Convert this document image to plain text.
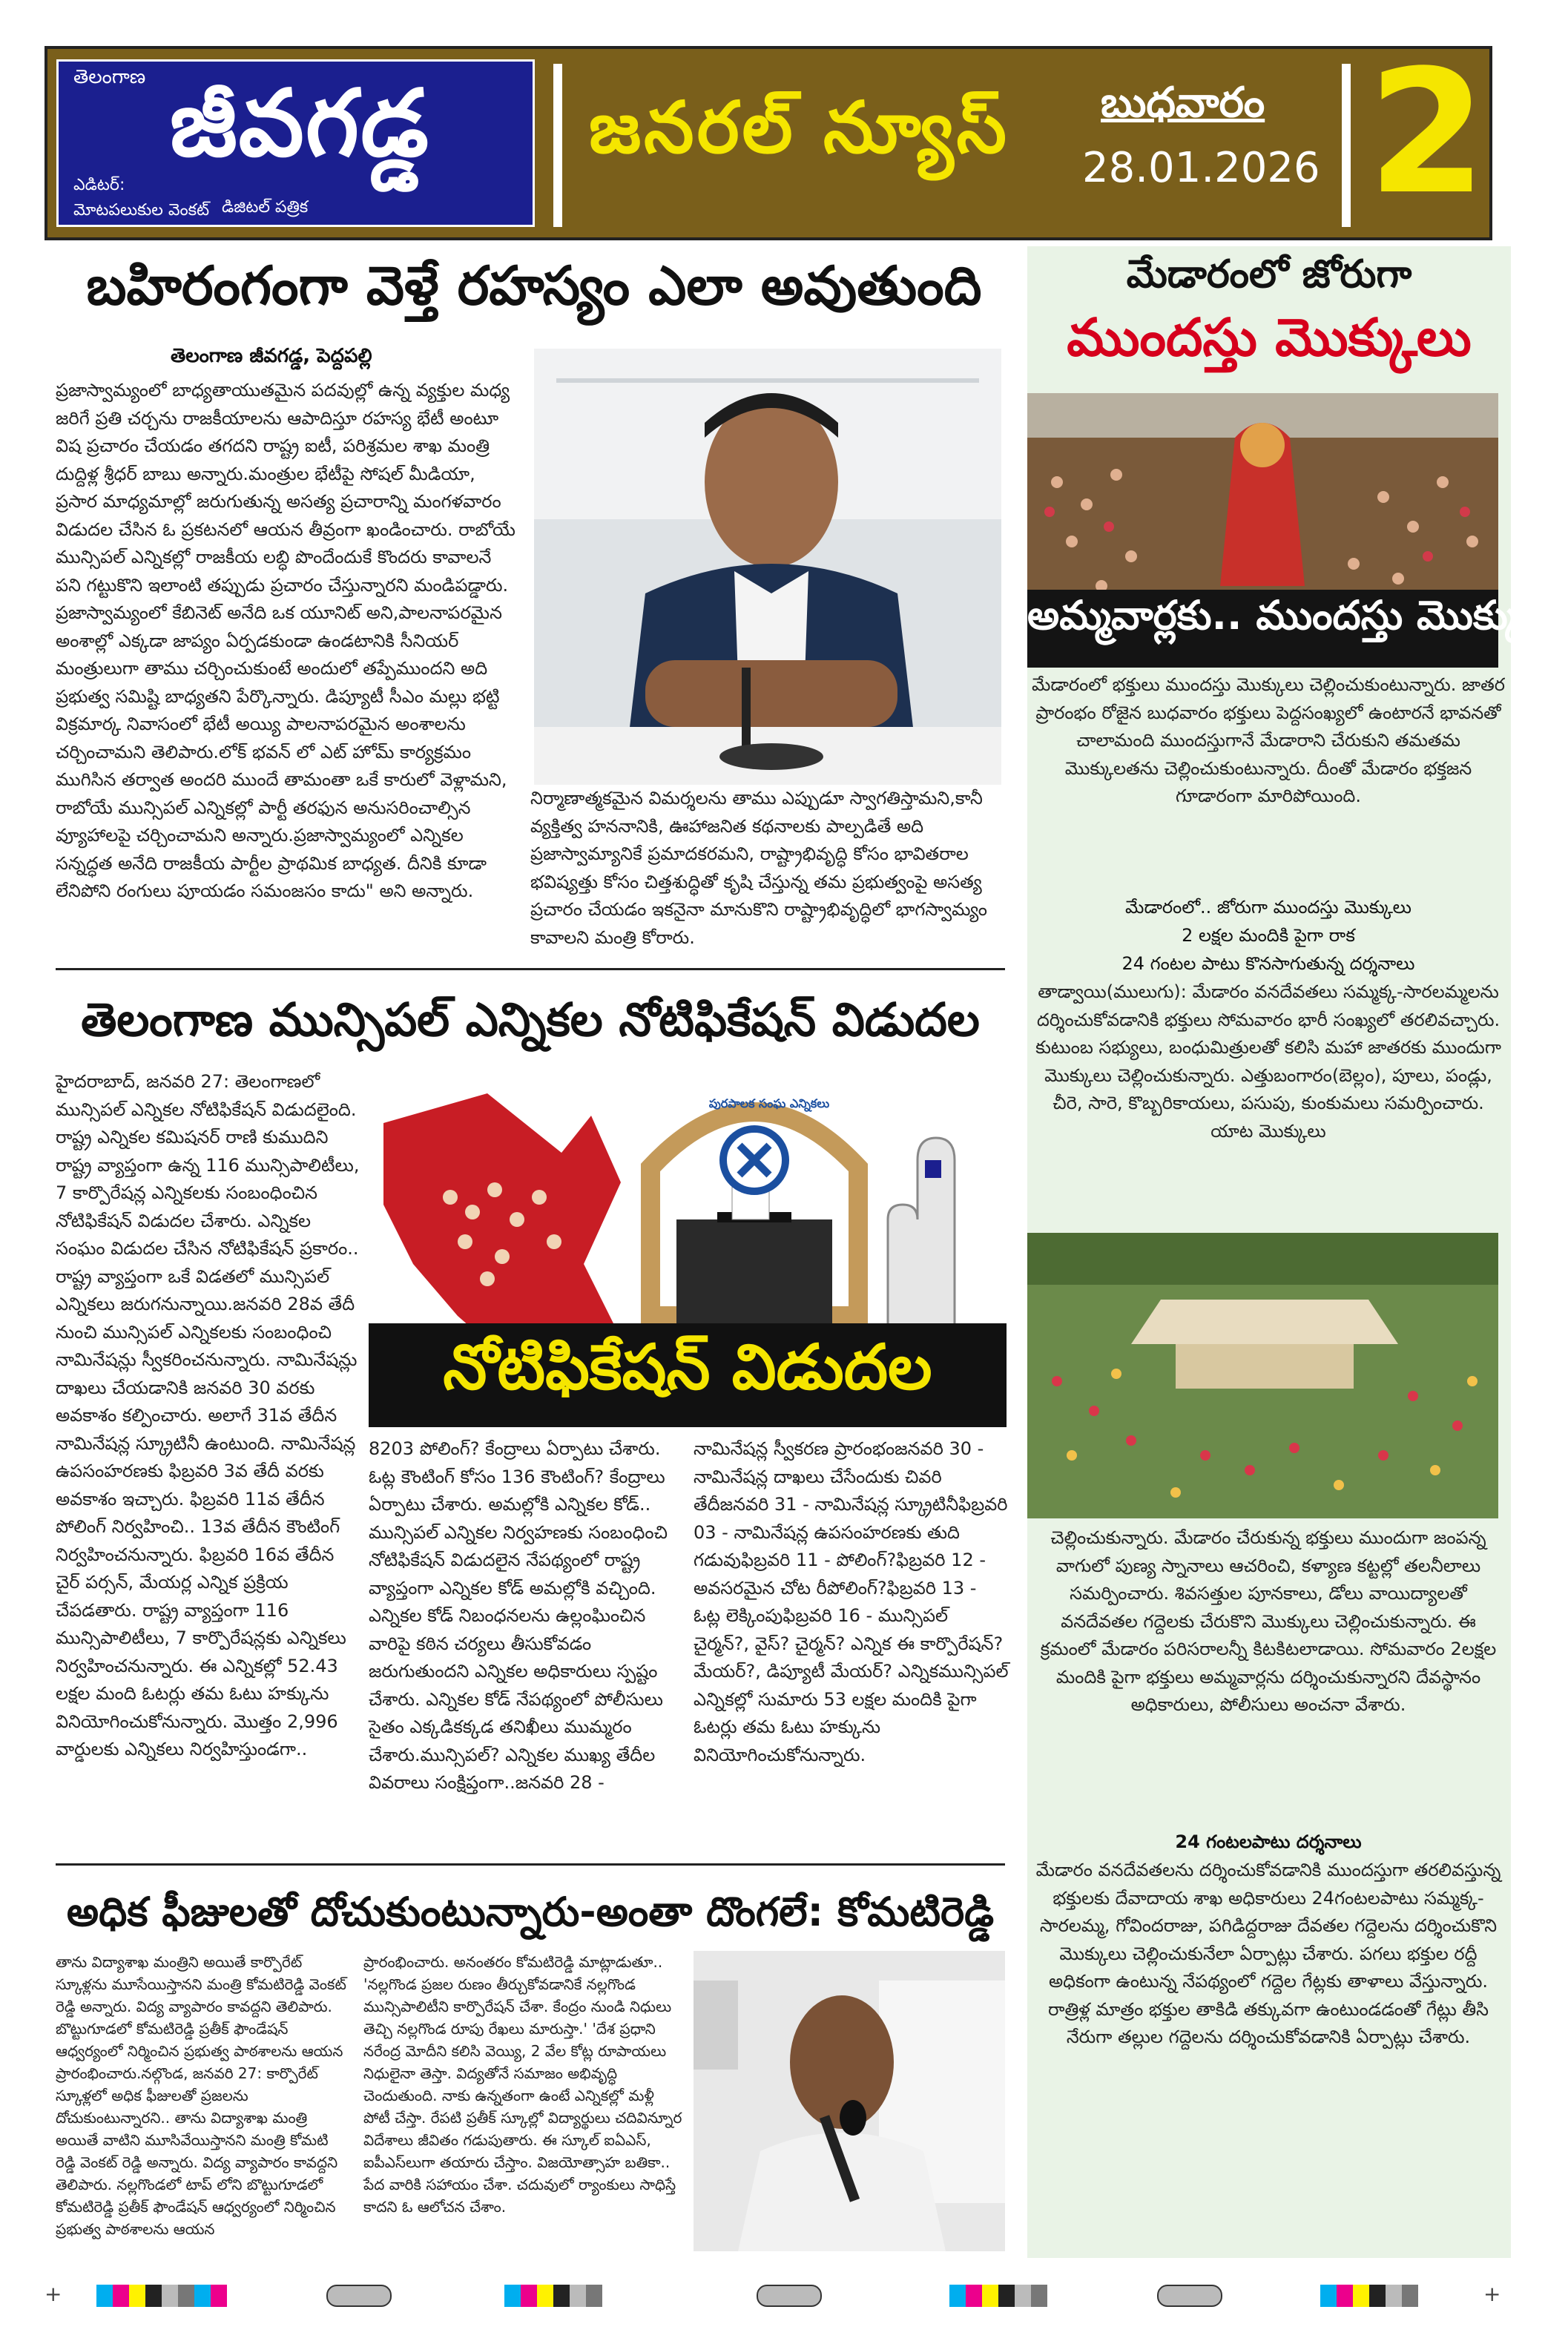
తెలంగాణ జీవగడ్డ
ఎడిటర్:
మోటపలుకుల వెంకట్ డిజిటల్ పత్రిక
జనరల్ న్యూస్ బుధవారం
28.01.2026 2
బహిరంగంగా వెళ్తే రహస్యం ఎలా అవుతుంది
తెలంగాణ జీవగడ్డ, పెద్దపల్లి
ప్రజాస్వామ్యంలో బాధ్యతాయుతమైన పదవుల్లో ఉన్న వ్యక్తుల మధ్య జరిగే ప్రతి చర్చను రాజకీయాలను ఆపాదిస్తూ రహస్య భేటీ అంటూ విష ప్రచారం చేయడం తగదని రాష్ట్ర ఐటీ, పరిశ్రమల శాఖ మంత్రి దుద్దిళ్ల శ్రీధర్ బాబు అన్నారు.మంత్రుల భేటీపై సోషల్ మీడియా, ప్రసార మాధ్యమాల్లో జరుగుతున్న అసత్య ప్రచారాన్ని మంగళవారం విడుదల చేసిన ఓ ప్రకటనలో ఆయన తీవ్రంగా ఖండించారు. రాబోయే మున్సిపల్ ఎన్నికల్లో రాజకీయ లబ్ధి పొందేందుకే కొందరు కావాలనే పని గట్టుకొని ఇలాంటి తప్పుడు ప్రచారం చేస్తున్నారని మండిపడ్డారు. ప్రజాస్వామ్యంలో కేబినెట్ అనేది ఒక యూనిట్ అని,పాలనాపరమైన అంశాల్లో ఎక్కడా జాప్యం ఏర్పడకుండా ఉండటానికి సీనియర్ మంత్రులుగా తాము చర్చించుకుంటే అందులో తప్పేముందని అది ప్రభుత్వ సమిష్టి బాధ్యతని పేర్కొన్నారు. డిప్యూటీ సీఎం మల్లు భట్టి విక్రమార్క నివాసంలో భేటీ అయ్యి పాలనాపరమైన అంశాలను చర్చించామని తెలిపారు.లోక్ భవన్ లో ఎట్ హోమ్ కార్యక్రమం ముగిసిన తర్వాత అందరి ముందే తామంతా ఒకే కారులో వెళ్లామని, రాబోయే మున్సిపల్ ఎన్నికల్లో పార్టీ తరఫున అనుసరించాల్సిన వ్యూహాలపై చర్చించామని అన్నారు.ప్రజాస్వామ్యంలో ఎన్నికల సన్నద్ధత అనేది రాజకీయ పార్టీల ప్రాథమిక బాధ్యత. దీనికి కూడా లేనిపోని రంగులు పూయడం సమంజసం కాదు" అని అన్నారు.
నిర్మాణాత్మకమైన విమర్శలను తాము ఎప్పుడూ స్వాగతిస్తామని,కానీ వ్యక్తిత్వ హననానికి, ఊహాజనిత కథనాలకు పాల్పడితే అది ప్రజాస్వామ్యానికే ప్రమాదకరమని, రాష్ట్రాభివృద్ధి కోసం భావితరాల భవిష్యత్తు కోసం చిత్తశుద్ధితో కృషి చేస్తున్న తమ ప్రభుత్వంపై అసత్య ప్రచారం చేయడం ఇకనైనా మానుకొని రాష్ట్రాభివృద్ధిలో భాగస్వామ్యం కావాలని మంత్రి కోరారు.
తెలంగాణ మున్సిపల్ ఎన్నికల నోటిఫికేషన్ విడుదల
హైదరాబాద్, జనవరి 27: తెలంగాణలో మున్సిపల్ ఎన్నికల నోటిఫికేషన్ విడుదలైంది. రాష్ట్ర ఎన్నికల కమిషనర్ రాణి కుముదిని రాష్ట్ర వ్యాప్తంగా ఉన్న 116 మున్సిపాలిటీలు, 7 కార్పొరేషన్ల ఎన్నికలకు సంబంధించిన నోటిఫికేషన్ విడుదల చేశారు. ఎన్నికల సంఘం విడుదల చేసిన నోటిఫికేషన్ ప్రకారం.. రాష్ట్ర వ్యాప్తంగా ఒకే విడతలో మున్సిపల్ ఎన్నికలు జరుగనున్నాయి.జనవరి 28వ తేదీ నుంచి మున్సిపల్ ఎన్నికలకు సంబంధించి నామినేషన్లు స్వీకరించనున్నారు. నామినేషన్లు దాఖలు చేయడానికి జనవరి 30 వరకు అవకాశం కల్పించారు. అలాగే 31వ తేదీన నామినేషన్ల స్క్రూటినీ ఉంటుంది. నామినేషన్ల ఉపసంహరణకు ఫిబ్రవరి 3వ తేదీ వరకు అవకాశం ఇచ్చారు. ఫిబ్రవరి 11వ తేదీన పోలింగ్ నిర్వహించి.. 13వ తేదీన కౌంటింగ్ నిర్వహించనున్నారు. ఫిబ్రవరి 16వ తేదీన చైర్ పర్సన్, మేయర్ల ఎన్నిక ప్రక్రియ చేపడతారు. రాష్ట్ర వ్యాప్తంగా 116 మున్సిపాలిటీలు, 7 కార్పొరేషన్లకు ఎన్నికలు నిర్వహించనున్నారు. ఈ ఎన్నికల్లో 52.43 లక్షల మంది ఓటర్లు తమ ఓటు హక్కును వినియోగించుకోనున్నారు. మొత్తం 2,996 వార్డులకు ఎన్నికలు నిర్వహిస్తుండగా..
నోటిఫికేషన్ విడుదల
పురపాలక సంఘ ఎన్నికలు
8203 పోలింగ్? కేంద్రాలు ఏర్పాటు చేశారు. ఓట్ల కౌంటింగ్ కోసం 136 కౌంటింగ్? కేంద్రాలు ఏర్పాటు చేశారు. అమల్లోకి ఎన్నికల కోడ్.. మున్సిపల్ ఎన్నికల నిర్వహణకు సంబంధించి నోటిఫికేషన్ విడుదలైన నేపథ్యంలో రాష్ట్ర వ్యాప్తంగా ఎన్నికల కోడ్ అమల్లోకి వచ్చింది. ఎన్నికల కోడ్ నిబంధనలను ఉల్లంఘించిన వారిపై కఠిన చర్యలు తీసుకోవడం జరుగుతుందని ఎన్నికల అధికారులు స్పష్టం చేశారు. ఎన్నికల కోడ్ నేపథ్యంలో పోలీసులు సైతం ఎక్కడికక్కడ తనిఖీలు ముమ్మరం చేశారు.మున్సిపల్? ఎన్నికల ముఖ్య తేదీల వివరాలు సంక్షిప్తంగా..జనవరి 28 -
నామినేషన్ల స్వీకరణ ప్రారంభంజనవరి 30 - నామినేషన్ల దాఖలు చేసేందుకు చివరి తేదీజనవరి 31 - నామినేషన్ల స్క్రూటినీఫిబ్రవరి 03 - నామినేషన్ల ఉపసంహరణకు తుది గడువుఫిబ్రవరి 11 - పోలింగ్?ఫిబ్రవరి 12 - అవసరమైన చోట రీపోలింగ్?ఫిబ్రవరి 13 - ఓట్ల లెక్కింపుఫిబ్రవరి 16 - మున్సిపల్ చైర్మన్?, వైస్? చైర్మన్? ఎన్నిక ఈ కార్పొరేషన్? మేయర్?, డిప్యూటీ మేయర్? ఎన్నికమున్సిపల్ ఎన్నికల్లో సుమారు 53 లక్షల మందికి పైగా ఓటర్లు తమ ఓటు హక్కును వినియోగించుకోనున్నారు.
అధిక ఫీజులతో దోచుకుంటున్నారు-అంతా దొంగలే: కోమటిరెడ్డి
తాను విద్యాశాఖ మంత్రిని అయితే కార్పొరేట్ స్కూళ్లను మూసేయిస్తానని మంత్రి కోమటిరెడ్డి వెంకట్ రెడ్డి అన్నారు. విద్య వ్యాపారం కావద్దని తెలిపారు. బొట్టుగూడలో కోమటిరెడ్డి ప్రతీక్ ఫౌండేషన్ ఆధ్వర్యంలో నిర్మించిన ప్రభుత్వ పాఠశాలను ఆయన ప్రారంభించారు.నల్గొండ, జనవరి 27: కార్పొరేట్ స్కూళ్లలో అధిక ఫీజులతో ప్రజలను దోచుకుంటున్నారని.. తాను విద్యాశాఖ మంత్రి అయితే వాటిని మూసివేయిస్తానని మంత్రి కోమటి రెడ్డి వెంకట్ రెడ్డి అన్నారు. విద్య వ్యాపారం కావద్దని తెలిపారు. నల్లగొండలో టాప్ లోని బొట్టుగూడలో కోమటిరెడ్డి ప్రతీక్ ఫౌండేషన్ ఆధ్వర్యంలో నిర్మించిన ప్రభుత్వ పాఠశాలను ఆయన
ప్రారంభించారు. అనంతరం కోమటిరెడ్డి మాట్లాడుతూ.. 'నల్లగొండ ప్రజల రుణం తీర్చుకోవడానికే నల్లగొండ మున్సిపాలిటీని కార్పొరేషన్ చేశా. కేంద్రం నుండి నిధులు తెచ్చి నల్లగొండ రూపు రేఖలు మారుస్తా.' 'దేశ ప్రధాని నరేంద్ర మోదీని కలిసి వెయ్యి, 2 వేల కోట్ల రూపాయలు నిధులైనా తెస్తా. విద్యతోనే సమాజం అభివృద్ధి చెందుతుంది. నాకు ఉన్నతంగా ఉంటే ఎన్నికల్లో మళ్లీ పోటీ చేస్తా. రేపటి ప్రతీక్ స్కూల్లో విద్యార్థులు చదివిన్నూర విదేశాలు జీవితం గడుపుతారు. ఈ స్కూల్ ఐఏఎస్, ఐపీఎస్‌లుగా తయారు చేస్తాం. విజయోత్సాహ బతికా.. పేద వారికి సహాయం చేశా. చదువులో ర్యాంకులు సాధిస్తే కాదని ఓ ఆలోచన చేశాం.
మేడారంలో జోరుగా
ముందస్తు మొక్కులు
అమ్మవార్లకు.. ముందస్తు మొక్కులు
మేడారంలో భక్తులు ముందస్తు మొక్కులు చెల్లించుకుంటున్నారు. జాతర ప్రారంభం రోజైన బుధవారం భక్తులు పెద్దసంఖ్యలో ఉంటారనే భావనతో చాలామంది ముందస్తుగానే మేడారాని చేరుకుని తమతమ మొక్కులతను చెల్లించుకుంటున్నారు. దీంతో మేడారం భక్తజన గూడారంగా మారిపోయింది.
మేడారంలో.. జోరుగా ముందస్తు మొక్కులు
2 లక్షల మందికి పైగా రాక
24 గంటల పాటు కొనసాగుతున్న దర్శనాలు
తాడ్వాయి(ములుగు): మేడారం వనదేవతలు సమ్మక్క-సారలమ్మలను దర్శించుకోవడానికి భక్తులు సోమవారం భారీ సంఖ్యలో తరలివచ్చారు. కుటుంబ సభ్యులు, బంధుమిత్రులతో కలిసి మహా జాతరకు ముందుగా మొక్కులు చెల్లించుకున్నారు. ఎత్తుబంగారం(బెల్లం), పూలు, పండ్లు, చీరె, సారె, కొబ్బరికాయలు, పసుపు, కుంకుమలు సమర్పించారు. యాట మొక్కులు
చెల్లించుకున్నారు. మేడారం చేరుకున్న భక్తులు ముందుగా జంపన్న వాగులో పుణ్య స్నానాలు ఆచరించి, కళ్యాణ కట్టల్లో తలనీలాలు సమర్పించారు. శివసత్తుల పూనకాలు, డోలు వాయిద్యాలతో వనదేవతల గద్దెలకు చేరుకొని మొక్కులు చెల్లించుకున్నారు. ఈ క్రమంలో మేడారం పరిసరాలన్నీ కిటకిటలాడాయి. సోమవారం 2లక్షల మందికి పైగా భక్తులు అమ్మవార్లను దర్శించుకున్నారని దేవస్థానం అధికారులు, పోలీసులు అంచనా వేశారు.
24 గంటలపాటు దర్శనాలు
మేడారం వనదేవతలను దర్శించుకోవడానికి ముందస్తుగా తరలివస్తున్న భక్తులకు దేవాదాయ శాఖ అధికారులు 24గంటలపాటు సమ్మక్క- సారలమ్మ, గోవిందరాజు, పగిడిద్దరాజు దేవతల గద్దెలను దర్శించుకొని మొక్కులు చెల్లించుకునేలా ఏర్పాట్లు చేశారు. పగలు భక్తుల రద్దీ అధికంగా ఉంటున్న నేపథ్యంలో గద్దెల గేట్లకు తాళాలు వేస్తున్నారు. రాత్రిళ్ల మాత్రం భక్తుల తాకిడి తక్కువగా ఉంటుండడంతో గేట్లు తీసి నేరుగా తల్లుల గద్దెలను దర్శించుకోవడానికి ఏర్పాట్లు చేశారు.
+	+
